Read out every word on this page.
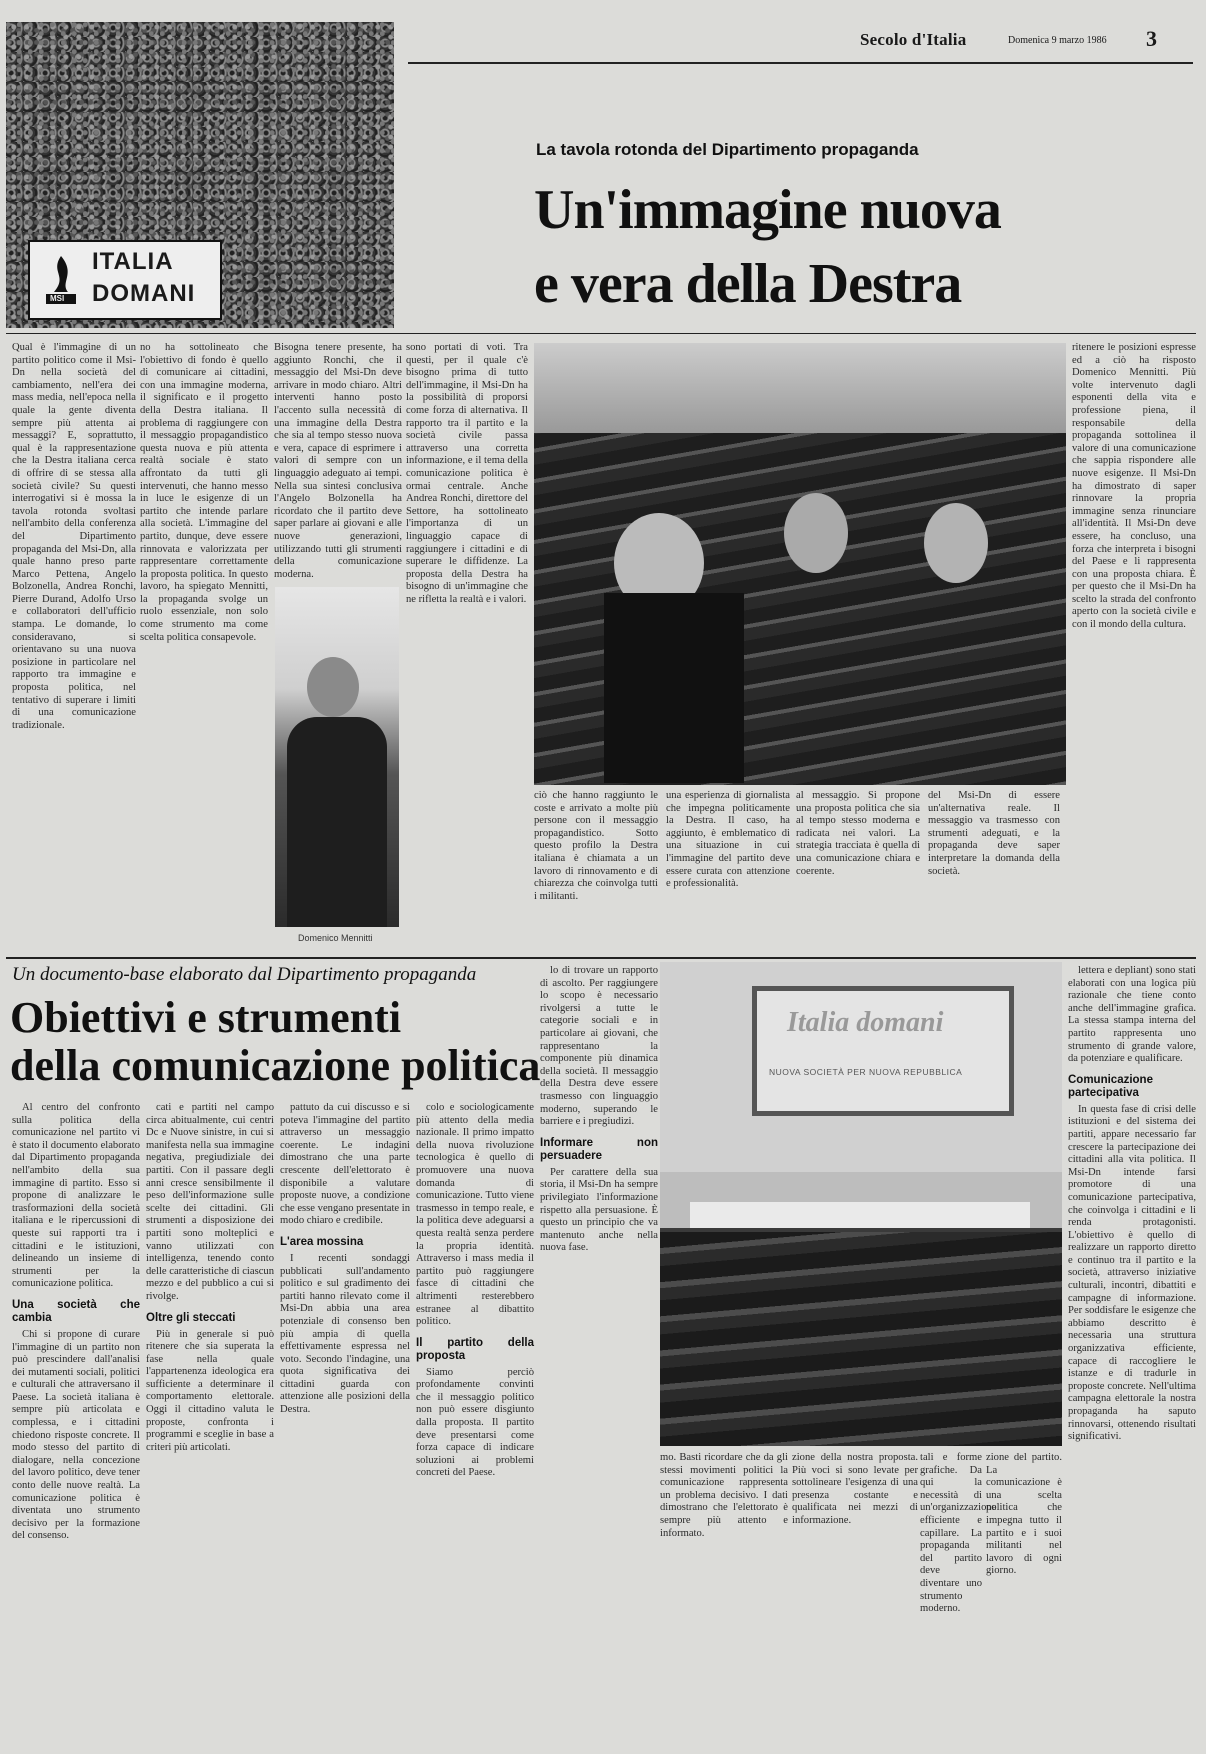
Secolo d'Italia	Domenica 9 marzo 1986 3
MSI
ITALIA
DOMANI
La tavola rotonda del Dipartimento propaganda
Un'immagine nuova
e vera della Destra
Qual è l'immagine di un partito politico come il Msi-Dn nella società del cambiamento, nell'era dei mass media, nell'epoca nella quale la gente diventa sempre più attenta ai messaggi? E, soprattutto, qual è la rappresentazione che la Destra italiana cerca di offrire di se stessa alla società civile? Su questi interrogativi si è mossa la tavola rotonda svoltasi nell'ambito della conferenza del Dipartimento propaganda del Msi-Dn, alla quale hanno preso parte Marco Pettena, Angelo Bolzonella, Andrea Ronchi, Pierre Durand, Adolfo Urso e collaboratori dell'ufficio stampa. Le domande, lo consideravano, si orientavano su una nuova posizione in particolare nel rapporto tra immagine e proposta politica, nel tentativo di superare i limiti di una comunicazione tradizionale.
no ha sottolineato che l'obiettivo di fondo è quello di comunicare ai cittadini, con una immagine moderna, il significato e il progetto della Destra italiana. Il problema di raggiungere con il messaggio propagandistico questa nuova e più attenta realtà sociale è stato affrontato da tutti gli intervenuti, che hanno messo in luce le esigenze di un partito che intende parlare alla società. L'immagine del partito, dunque, deve essere rinnovata e valorizzata per rappresentare correttamente la proposta politica. In questo lavoro, ha spiegato Mennitti, la propaganda svolge un ruolo essenziale, non solo come strumento ma come scelta politica consapevole.
Bisogna tenere presente, ha aggiunto Ronchi, che il messaggio del Msi-Dn deve arrivare in modo chiaro. Altri interventi hanno posto l'accento sulla necessità di una immagine della Destra che sia al tempo stesso nuova e vera, capace di esprimere i valori di sempre con un linguaggio adeguato ai tempi. Nella sua sintesi conclusiva l'Angelo Bolzonella ha ricordato che il partito deve saper parlare ai giovani e alle nuove generazioni, utilizzando tutti gli strumenti della comunicazione moderna.
sono portati di voti. Tra questi, per il quale c'è bisogno prima di tutto dell'immagine, il Msi-Dn ha la possibilità di proporsi come forza di alternativa. Il rapporto tra il partito e la società civile passa attraverso una corretta informazione, e il tema della comunicazione politica è ormai centrale. Anche Andrea Ronchi, direttore del Settore, ha sottolineato l'importanza di un linguaggio capace di raggiungere i cittadini e di superare le diffidenze. La proposta della Destra ha bisogno di un'immagine che ne rifletta la realtà e i valori.
Domenico Mennitti
ciò che hanno raggiunto le coste e arrivato a molte più persone con il messaggio propagandistico. Sotto questo profilo la Destra italiana è chiamata a un lavoro di rinnovamento e di chiarezza che coinvolga tutti i militanti.
una esperienza di giornalista che impegna politicamente la Destra. Il caso, ha aggiunto, è emblematico di una situazione in cui l'immagine del partito deve essere curata con attenzione e professionalità.
al messaggio. Si propone una proposta politica che sia al tempo stesso moderna e radicata nei valori. La strategia tracciata è quella di una comunicazione chiara e coerente.
del Msi-Dn di essere un'alternativa reale. Il messaggio va trasmesso con strumenti adeguati, e la propaganda deve saper interpretare la domanda della società.
ritenere le posizioni espresse ed a ciò ha risposto Domenico Mennitti. Più volte intervenuto dagli esponenti della vita e professione piena, il responsabile della propaganda sottolinea il valore di una comunicazione che sappia rispondere alle nuove esigenze. Il Msi-Dn ha dimostrato di saper rinnovare la propria immagine senza rinunciare all'identità. Il Msi-Dn deve essere, ha concluso, una forza che interpreta i bisogni del Paese e li rappresenta con una proposta chiara. È per questo che il Msi-Dn ha scelto la strada del confronto aperto con la società civile e con il mondo della cultura.
Un documento-base elaborato dal Dipartimento propaganda
Obiettivi e strumenti
della comunicazione politica

Al centro del confronto sulla politica della comunicazione nel partito vi è stato il documento elaborato dal Dipartimento propaganda nell'ambito della sua immagine di partito. Esso si propone di analizzare le trasformazioni della società italiana e le ripercussioni di queste sui rapporti tra i cittadini e le istituzioni, delineando un insieme di strumenti per la comunicazione politica.

Una società che cambia

Chi si propone di curare l'immagine di un partito non può prescindere dall'analisi dei mutamenti sociali, politici e culturali che attraversano il Paese. La società italiana è sempre più articolata e complessa, e i cittadini chiedono risposte concrete. Il modo stesso del partito di dialogare, nella concezione del lavoro politico, deve tener conto delle nuove realtà. La comunicazione politica è diventata uno strumento decisivo per la formazione del consenso.

cati e partiti nel campo circa abitualmente, cui centri Dc e Nuove sinistre, in cui si manifesta nella sua immagine negativa, pregiudiziale dei partiti. Con il passare degli anni cresce sensibilmente il peso dell'informazione sulle scelte dei cittadini. Gli strumenti a disposizione dei partiti sono molteplici e vanno utilizzati con intelligenza, tenendo conto delle caratteristiche di ciascun mezzo e del pubblico a cui si rivolge.

Oltre gli steccati

Più in generale si può ritenere che sia superata la fase nella quale l'appartenenza ideologica era sufficiente a determinare il comportamento elettorale. Oggi il cittadino valuta le proposte, confronta i programmi e sceglie in base a criteri più articolati.

pattuto da cui discusso e si poteva l'immagine del partito attraverso un messaggio coerente. Le indagini dimostrano che una parte crescente dell'elettorato è disponibile a valutare proposte nuove, a condizione che esse vengano presentate in modo chiaro e credibile.

L'area mossina

I recenti sondaggi pubblicati sull'andamento politico e sul gradimento dei partiti hanno rilevato come il Msi-Dn abbia una area potenziale di consenso ben più ampia di quella effettivamente espressa nel voto. Secondo l'indagine, una quota significativa dei cittadini guarda con attenzione alle posizioni della Destra.

colo e sociologicamente più attento della media nazionale. Il primo impatto della nuova rivoluzione tecnologica è quello di promuovere una nuova domanda di comunicazione. Tutto viene trasmesso in tempo reale, e la politica deve adeguarsi a questa realtà senza perdere la propria identità. Attraverso i mass media il partito può raggiungere fasce di cittadini che altrimenti resterebbero estranee al dibattito politico.

Il partito della proposta

Siamo perciò profondamente convinti che il messaggio politico non può essere disgiunto dalla proposta. Il partito deve presentarsi come forza capace di indicare soluzioni ai problemi concreti del Paese.

lo di trovare un rapporto di ascolto. Per raggiungere lo scopo è necessario rivolgersi a tutte le categorie sociali e in particolare ai giovani, che rappresentano la componente più dinamica della società. Il messaggio della Destra deve essere trasmesso con linguaggio moderno, superando le barriere e i pregiudizi.

Informare non persuadere

Per carattere della sua storia, il Msi-Dn ha sempre privilegiato l'informazione rispetto alla persuasione. È questo un principio che va mantenuto anche nella nuova fase.

Italia domani
NUOVA SOCIETÀ PER NUOVA REPUBBLICA
mo. Basti ricordare che da gli stessi movimenti politici la comunicazione rappresenta un problema decisivo. I dati dimostrano che l'elettorato è sempre più attento e informato.
zione della nostra proposta. Più voci si sono levate per sottolineare l'esigenza di una presenza costante e qualificata nei mezzi di informazione.
tali e forme grafiche. Da qui la necessità di un'organizzazione efficiente e capillare. La propaganda del partito deve diventare uno strumento moderno.
zione del partito. La comunicazione è una scelta politica che impegna tutto il partito e i suoi militanti nel lavoro di ogni giorno.

lettera e depliant) sono stati elaborati con una logica più razionale che tiene conto anche dell'immagine grafica. La stessa stampa interna del partito rappresenta uno strumento di grande valore, da potenziare e qualificare.

Comunicazione partecipativa

In questa fase di crisi delle istituzioni e del sistema dei partiti, appare necessario far crescere la partecipazione dei cittadini alla vita politica. Il Msi-Dn intende farsi promotore di una comunicazione partecipativa, che coinvolga i cittadini e li renda protagonisti. L'obiettivo è quello di realizzare un rapporto diretto e continuo tra il partito e la società, attraverso iniziative culturali, incontri, dibattiti e campagne di informazione. Per soddisfare le esigenze che abbiamo descritto è necessaria una struttura organizzativa efficiente, capace di raccogliere le istanze e di tradurle in proposte concrete. Nell'ultima campagna elettorale la nostra propaganda ha saputo rinnovarsi, ottenendo risultati significativi.
